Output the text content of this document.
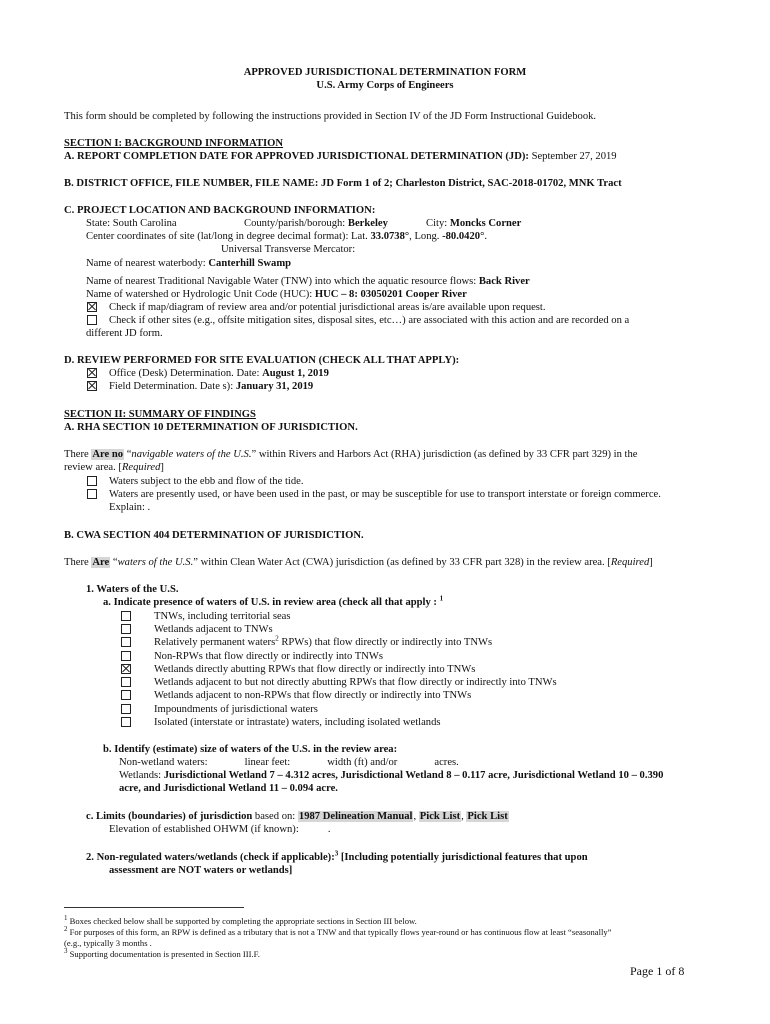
APPROVED JURISDICTIONAL DETERMINATION FORM
U.S. Army Corps of Engineers
This form should be completed by following the instructions provided in Section IV of the JD Form Instructional Guidebook.
SECTION I: BACKGROUND INFORMATION
A. REPORT COMPLETION DATE FOR APPROVED JURISDICTIONAL DETERMINATION (JD): September 27, 2019
B. DISTRICT OFFICE, FILE NUMBER, FILE NAME: JD Form 1 of 2; Charleston District, SAC-2018-01702, MNK Tract
C. PROJECT LOCATION AND BACKGROUND INFORMATION:
State: South Carolina	County/parish/borough: Berkeley	City: Moncks Corner
Center coordinates of site (lat/long in degree decimal format): Lat. 33.0738°, Long. -80.0420°.
Universal Transverse Mercator:
Name of nearest waterbody: Canterhill Swamp
Name of nearest Traditional Navigable Water (TNW) into which the aquatic resource flows: Back River
Name of watershed or Hydrologic Unit Code (HUC): HUC – 8: 03050201 Cooper River
Check if map/diagram of review area and/or potential jurisdictional areas is/are available upon request.
Check if other sites (e.g., offsite mitigation sites, disposal sites, etc…) are associated with this action and are recorded on a
different JD form.
D. REVIEW PERFORMED FOR SITE EVALUATION (CHECK ALL THAT APPLY):
Office (Desk) Determination. Date: August 1, 2019
Field Determination. Date s): January 31, 2019
SECTION II: SUMMARY OF FINDINGS
A. RHA SECTION 10 DETERMINATION OF JURISDICTION.
There Are no “navigable waters of the U.S.” within Rivers and Harbors Act (RHA) jurisdiction (as defined by 33 CFR part 329) in the
review area. [Required]
Waters subject to the ebb and flow of the tide.
Waters are presently used, or have been used in the past, or may be susceptible for use to transport interstate or foreign commerce.
Explain: .
B. CWA SECTION 404 DETERMINATION OF JURISDICTION.
There Are “waters of the U.S.” within Clean Water Act (CWA) jurisdiction (as defined by 33 CFR part 328) in the review area. [Required]
1. Waters of the U.S.
a. Indicate presence of waters of U.S. in review area (check all that apply : $^1$
TNWs, including territorial seas
Wetlands adjacent to TNWs
Relatively permanent waters$^2$ RPWs) that flow directly or indirectly into TNWs
Non-RPWs that flow directly or indirectly into TNWs
Wetlands directly abutting RPWs that flow directly or indirectly into TNWs
Wetlands adjacent to but not directly abutting RPWs that flow directly or indirectly into TNWs
Wetlands adjacent to non-RPWs that flow directly or indirectly into TNWs
Impoundments of jurisdictional waters
Isolated (interstate or intrastate) waters, including isolated wetlands
b. Identify (estimate) size of waters of the U.S. in the review area:
Non-wetland waters:              linear feet:              width (ft) and/or              acres.
Wetlands: Jurisdictional Wetland 7 – 4.312 acres, Jurisdictional Wetland 8 – 0.117 acre, Jurisdictional Wetland 10 – 0.390
acre, and Jurisdictional Wetland 11 – 0.094 acre.
c. Limits (boundaries) of jurisdiction based on: 1987 Delineation Manual, Pick List, Pick List
Elevation of established OHWM (if known):           .
2. Non-regulated waters/wetlands (check if applicable):$^3$ [Including potentially jurisdictional features that upon
assessment are NOT waters or wetlands]
$^1$ Boxes checked below shall be supported by completing the appropriate sections in Section III below.
$^2$ For purposes of this form, an RPW is defined as a tributary that is not a TNW and that typically flows year-round or has continuous flow at least “seasonally”
(e.g., typically 3 months .
$^3$ Supporting documentation is presented in Section III.F.
Page 1 of 8
